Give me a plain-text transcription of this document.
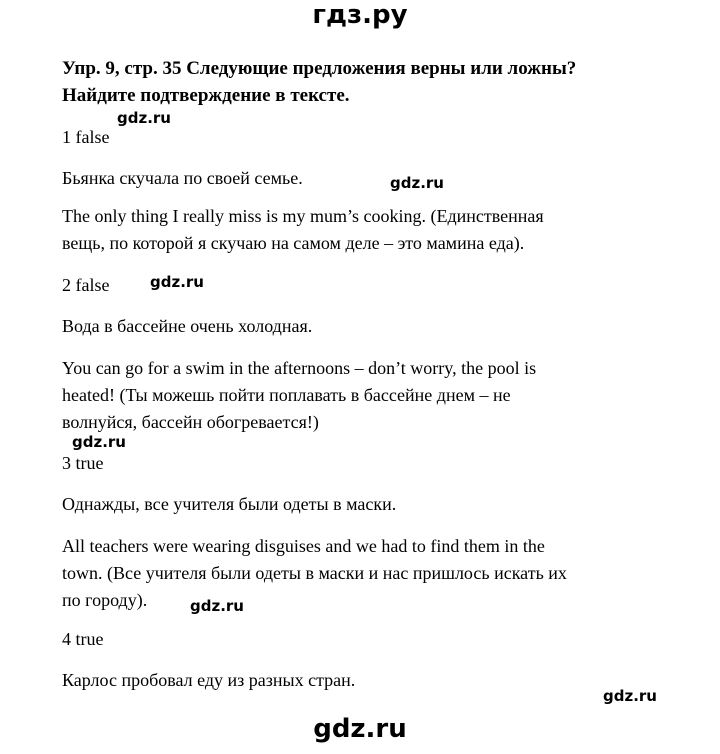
гдз.ру
Упр. 9, стр. 35 Следующие предложения верны или ложны?
Найдите подтверждение в тексте.
1 false
Бьянка скучала по своей семье.
The only thing I really miss is my mum’s cooking. (Единственная
вещь, по которой я скучаю на самом деле – это мамина еда).
2 false
Вода в бассейне очень холодная.
You can go for a swim in the afternoons – don’t worry, the pool is
heated! (Ты можешь пойти поплавать в бассейне днем – не
волнуйся, бассейн обогревается!)
3 true
Однажды, все учителя были одеты в маски.
All teachers were wearing disguises and we had to find them in the
town. (Все учителя были одеты в маски и нас пришлось искать их
по городу).
4 true
Карлос пробовал еду из разных стран.
gdz.ru
gdz.ru
gdz.ru
gdz.ru
gdz.ru
gdz.ru
gdz.ru
